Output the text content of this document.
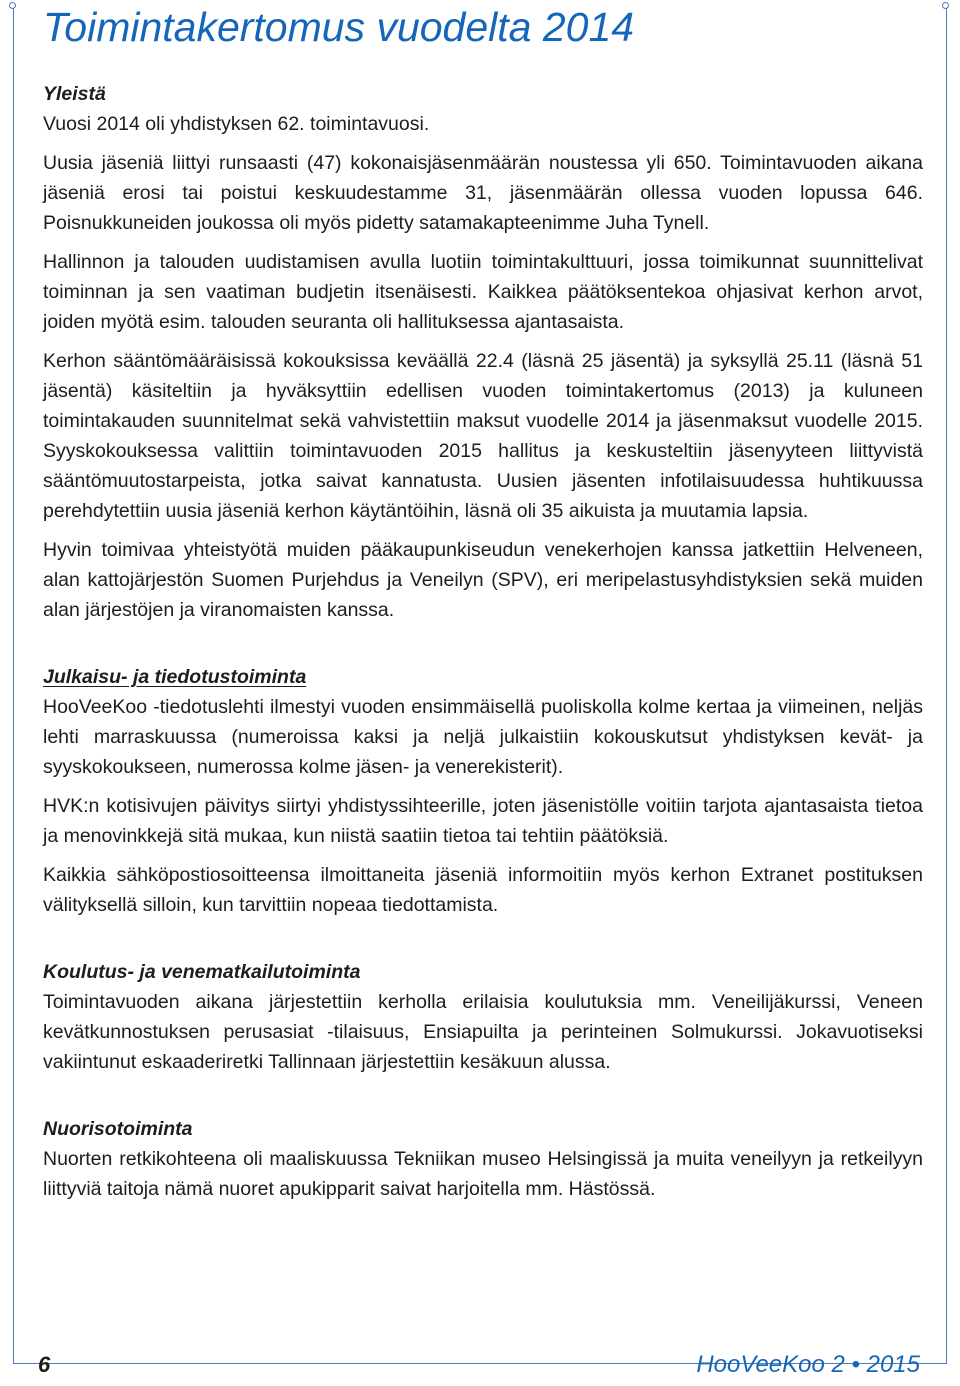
Toimintakertomus vuodelta 2014
Yleistä

Vuosi 2014 oli yhdistyksen 62. toimintavuosi.

Uusia jäseniä liittyi runsaasti (47) kokonaisjäsenmäärän noustessa yli 650. Toimintavuoden aikana jäseniä erosi tai poistui keskuudestamme 31, jäsenmäärän ollessa vuoden lopussa 646. Poisnukkuneiden joukossa oli myös pidetty satamakapteenimme Juha Tynell.

Hallinnon ja talouden uudistamisen avulla luotiin toimintakulttuuri, jossa toimikunnat suunnittelivat toiminnan ja sen vaatiman budjetin itsenäisesti. Kaikkea päätöksentekoa ohjasivat kerhon arvot, joiden myötä esim. talouden seuranta oli hallituksessa ajantasaista.

Kerhon sääntömääräisissä kokouksissa keväällä 22.4 (läsnä 25 jäsentä) ja syksyllä 25.11 (läsnä 51 jäsentä) käsiteltiin ja hyväksyttiin edellisen vuoden toimintakertomus (2013) ja kuluneen toimintakauden suunnitelmat sekä vahvistettiin maksut vuodelle 2014 ja jäsenmaksut vuodelle 2015. Syyskokouksessa valittiin toimintavuoden 2015 hallitus ja keskusteltiin jäsenyyteen liittyvistä sääntömuutostarpeista, jotka saivat kannatusta. Uusien jäsenten infotilaisuudessa huhtikuussa perehdytettiin uusia jäseniä kerhon käytäntöihin, läsnä oli 35 aikuista ja muutamia lapsia.

Hyvin toimivaa yhteistyötä muiden pääkaupunkiseudun venekerhojen kanssa jatkettiin Helveneen, alan kattojärjestön Suomen Purjehdus ja Veneilyn (SPV), eri meripelastusyhdistyksien sekä muiden alan järjestöjen ja viranomaisten kanssa.

Julkaisu- ja tiedotustoiminta

HooVeeKoo -tiedotuslehti ilmestyi vuoden ensimmäisellä puoliskolla kolme kertaa ja viimeinen, neljäs lehti marraskuussa (numeroissa kaksi ja neljä julkaistiin kokouskutsut yhdistyksen kevät- ja syyskokoukseen, numerossa kolme jäsen- ja venerekisterit).

HVK:n kotisivujen päivitys siirtyi yhdistyssihteerille, joten jäsenistölle voitiin tarjota ajantasaista tietoa ja menovinkkejä sitä mukaa, kun niistä saatiin tietoa tai tehtiin päätöksiä.

Kaikkia sähköpostiosoitteensa ilmoittaneita jäseniä informoitiin myös kerhon Extranet postituksen välityksellä silloin, kun tarvittiin nopeaa tiedottamista.

Koulutus- ja venematkailutoiminta

Toimintavuoden aikana järjestettiin kerholla erilaisia koulutuksia mm. Veneilijäkurssi, Veneen kevätkunnostuksen perusasiat -tilaisuus, Ensiapuilta ja perinteinen Solmukurssi. Jokavuotiseksi vakiintunut eskaaderiretki Tallinnaan järjestettiin kesäkuun alussa.

Nuorisotoiminta

Nuorten retkikohteena oli maaliskuussa Tekniikan museo Helsingissä ja muita veneilyyn ja retkeilyyn liittyviä taitoja nämä nuoret apukipparit saivat harjoitella mm. Hästössä.

6	HooVeeKoo 2 • 2015
